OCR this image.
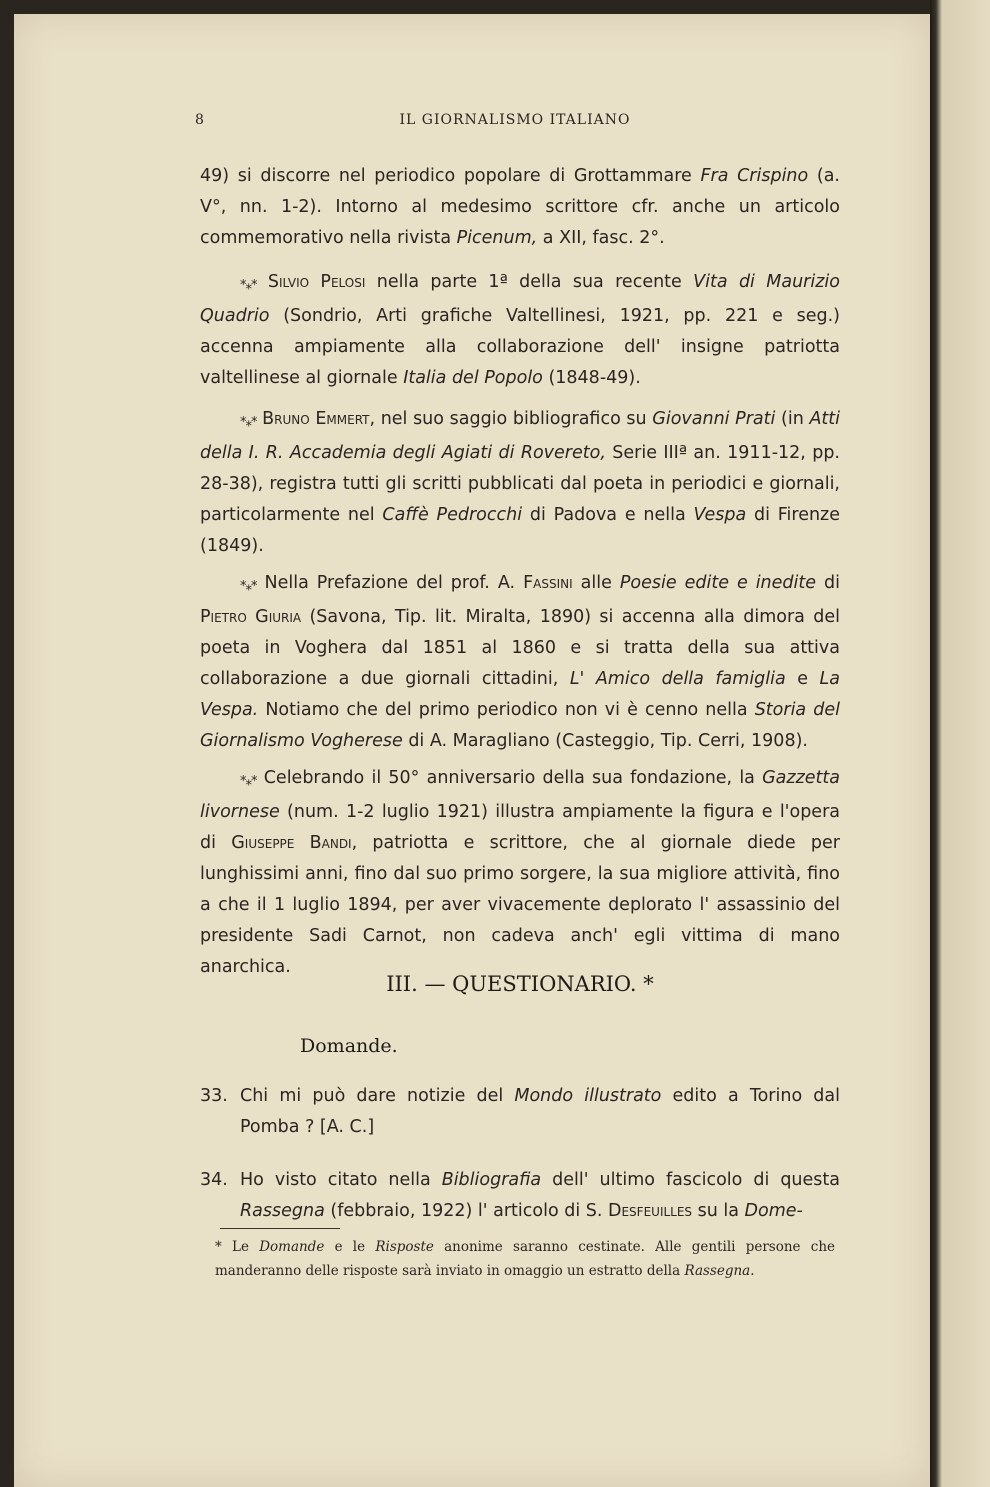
8	IL GIORNALISMO ITALIANO

49) si discorre nel periodico popolare di Grottammare Fra Crispino (a. V°, nn. 1-2). Intorno al medesimo scrittore cfr. anche un articolo commemorativo nella rivista Picenum, a XII, fasc. 2°.

*⁎* Silvio Pelosi nella parte 1ª della sua recente Vita di Maurizio Quadrio (Sondrio, Arti grafiche Valtellinesi, 1921, pp. 221 e seg.) accenna ampiamente alla collaborazione dell' insigne patriotta valtellinese al giornale Italia del Popolo (1848-49).

*⁎* Bruno Emmert, nel suo saggio bibliografico su Giovanni Prati (in Atti della I. R. Accademia degli Agiati di Rovereto, Serie IIIª an. 1911-12, pp. 28-38), registra tutti gli scritti pubblicati dal poeta in periodici e giornali, particolarmente nel Caffè Pedrocchi di Padova e nella Vespa di Firenze (1849).

*⁎* Nella Prefazione del prof. A. Fassini alle Poesie edite e inedite di Pietro Giuria (Savona, Tip. lit. Miralta, 1890) si accenna alla dimora del poeta in Voghera dal 1851 al 1860 e si tratta della sua attiva collaborazione a due giornali cittadini, L' Amico della famiglia e La Vespa. Notiamo che del primo periodico non vi è cenno nella Storia del Giornalismo Vogherese di A. Maragliano (Casteggio, Tip. Cerri, 1908).

*⁎* Celebrando il 50° anniversario della sua fondazione, la Gazzetta livornese (num. 1-2 luglio 1921) illustra ampiamente la figura e l'opera di Giuseppe Bandi, patriotta e scrittore, che al giornale diede per lunghissimi anni, fino dal suo primo sorgere, la sua migliore attività, fino a che il 1 luglio 1894, per aver vivacemente deplorato l' assassinio del presidente Sadi Carnot, non cadeva anch' egli vittima di mano anarchica.

III. — QUESTIONARIO. *
Domande.
33. Chi mi può dare notizie del Mondo illustrato edito a Torino dal Pomba ? [A. C.]
34. Ho visto citato nella Bibliografia dell' ultimo fascicolo di questa Rassegna (febbraio, 1922) l' articolo di S. Desfeuilles su la Dome-
* Le Domande e le Risposte anonime saranno cestinate. Alle gentili persone che manderanno delle risposte sarà inviato in omaggio un estratto della Rassegna.
